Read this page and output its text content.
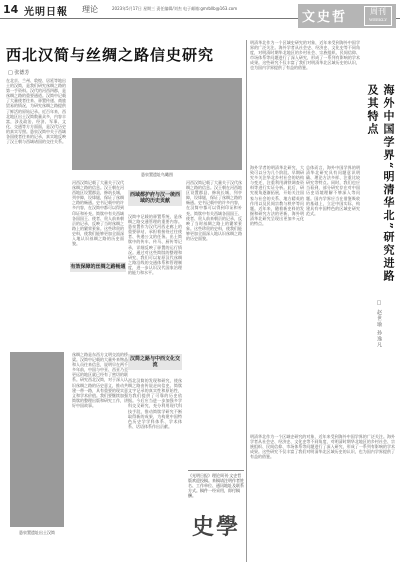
14 光明日報 理论	2023年5月17日 星期三 责任编辑/刘杰 电子邮箱:gmrbllb@163.com
文史哲	周刊
WEEKLY
西北汉简与丝绸之路信史研究
□ 张德芳

在北京、兰州、敦煌、居延等地出土的汉简，是我们研究丝绸之路的第一手资料。汉代的河西四郡，是丝绸之路的重要通道。汉简中记载了大量使者往来、驿置传递、商旅贸易的情况，为研究丝绸之路提供了鲜活的原始记录。近百年来，西北地区出土汉简数量众多，内容丰富，涉及政治、经济、军事、文化、交通等方方面面，是汉代历史的真实写照。悬泉汉简中关于西域各国使者往来的记录，真实地反映了汉王朝与西域诸国的交往关系。

悬泉置遗址出土汉简
悬泉置遗址鸟瞰图

河西汉简记载了大量关于汉代丝绸之路的信息。汉王朝在河西地区设置郡县，修筑长城，列亭障，设烽燧，保证了丝绸之路的畅通。史书记载中的许多内容，在汉简中都可以得到印证和补充。简牍中有关西域各国国王、使者、贵人前来朝贡的记录，反映了当时丝绸之路上的繁荣景象。这些珍贵的史料，使我们能够更加全面深入地认识丝绸之路的历史面貌。

西域都护府与汉一统西域的历史贡献

汉简中记载的驿置系统，是丝绸之路交通管理的重要内容。悬泉置作为汉代河西走廊上的重要驿站，承担着接待过往使者、传递公文的任务。出土简牍中的传车、传马、厨传等记录，详细反映了驿置的运行情况。通过对这些简牍的整理和研究，我们可以复原汉代丝绸之路沿线的交通体系和管理制度，进一步认识汉代国家治理的能力和水平。

有效保障的丝绸之路畅通

丝绸之路是东西方文明交流的桥梁。汉简中记载的大量外来物品和人员往来信息，说明早在两千多年前，中国与中亚、西亚乃至更远的地区就已经有了密切的联系。研究西北汉简，对于深入认识丝绸之路的历史意义，推动共建一带一路，具有重要的现实意义和学术价值。我们要继续加强简牍的整理出版和研究工作，讲好中国故事。

汉简之路与中西文化交流

西北汉简的发现和研究，使丝绸之路由传说走向信史。简牍文字记录的真实性和原始性，为我们提供了可靠的历史依据。今后应当进一步加强多学科交叉研究，充分利用现代科技手段，推动简牍学研究不断取得新的成果，为构建中国特色历史学学科体系、学术体系、话语体系作出贡献。

河西汉简记载了大量关于汉代丝绸之路的信息。汉王朝在河西地区设置郡县，修筑长城，列亭障，设烽燧，保证了丝绸之路的畅通。史书记载中的许多内容，在汉简中都可以得到印证和补充。简牍中有关西域各国国王、使者、贵人前来朝贡的记录，反映了当时丝绸之路上的繁荣景象。这些珍贵的史料，使我们能够更加全面深入地认识丝绸之路的历史面貌。

明清华北作为一个区域史研究的对象，近年来受到海外中国学界的广泛关注。海外学者从社会史、经济史、文化史等不同角度，对明清时期华北地区的乡村社会、宗族组织、民间信仰、市场体系等问题进行了深入研究，形成了一系列有影响的学术成果。这些研究不仅丰富了我们对明清华北区域历史的认识，也为国内学界提供了有益的借鉴。

海外中国学界“明清华北”研究进路及其特点
□ 赵世瑜 孙逸凡

海外学者的明清华北研究，大致可以分为几个阶段。早期研究多关注华北乡村社会的结构与变迁，注重利用满铁调查资料等进行实证分析。此后，研究视角逐渐拓展，开始关注国家与社会的关系、地方精英的作用以及民间宗教与秩序等问题。近年来，随着新史料的发掘和研究方法的更新，海外明清华北研究呈现出更加多元化的特点。

总体而言，海外中国学界的明清华北研究具有问题意识明确、理论方法多样、注重比较研究等特点。同时，我们也应当看到，部分研究存在对中国历史语境理解不够深入等问题。国内学界应当在借鉴吸收的基础上，立足中国实际，构建具有中国特色的区域史研究范式。

明清华北作为一个区域史研究的对象，近年来受到海外中国学界的广泛关注。海外学者从社会史、经济史、文化史等不同角度，对明清时期华北地区的乡村社会、宗族组织、民间信仰、市场体系等问题进行了深入研究，形成了一系列有影响的学术成果。这些研究不仅丰富了我们对明清华北区域历史的认识，也为国内学界提供了有益的借鉴。

《光明日报》理论周刊·文史哲版欢迎投稿。来稿请注明作者姓名、工作单位、通讯地址及联系方式。稿件一经采用，即付稿酬。
史學
